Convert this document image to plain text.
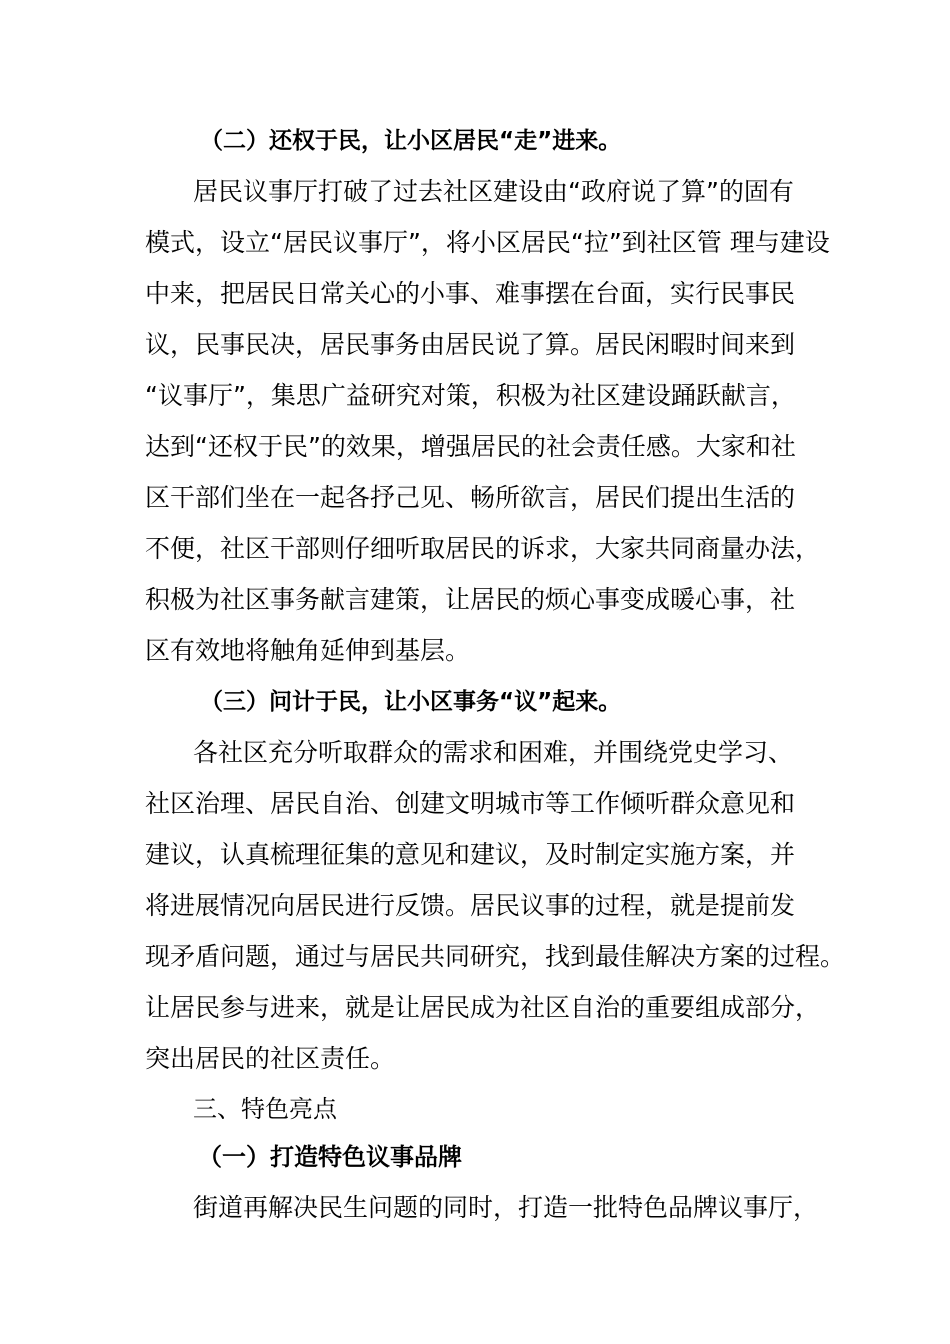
（二）还权于民，让小区居民“走”进来。
居民议事厅打破了过去社区建设由“政府说了算”的固有
模式，设立“居民议事厅”，将小区居民“拉”到社区管 理与建设
中来，把居民日常关心的小事、难事摆在台面，实行民事民
议，民事民决，居民事务由居民说了算。居民闲暇时间来到
“议事厅”，集思广益研究对策，积极为社区建设踊跃献言，
达到“还权于民”的效果，增强居民的社会责任感。大家和社
区干部们坐在一起各抒己见、畅所欲言，居民们提出生活的
不便，社区干部则仔细听取居民的诉求，大家共同商量办法，
积极为社区事务献言建策，让居民的烦心事变成暖心事，社
区有效地将触角延伸到基层。
（三）问计于民，让小区事务“议”起来。
各社区充分听取群众的需求和困难，并围绕党史学习、
社区治理、居民自治、创建文明城市等工作倾听群众意见和
建议，认真梳理征集的意见和建议，及时制定实施方案，并
将进展情况向居民进行反馈。居民议事的过程，就是提前发
现矛盾问题，通过与居民共同研究，找到最佳解决方案的过程。
让居民参与进来，就是让居民成为社区自治的重要组成部分，
突出居民的社区责任。
三、特色亮点
（一）打造特色议事品牌
街道再解决民生问题的同时，打造一批特色品牌议事厅，
